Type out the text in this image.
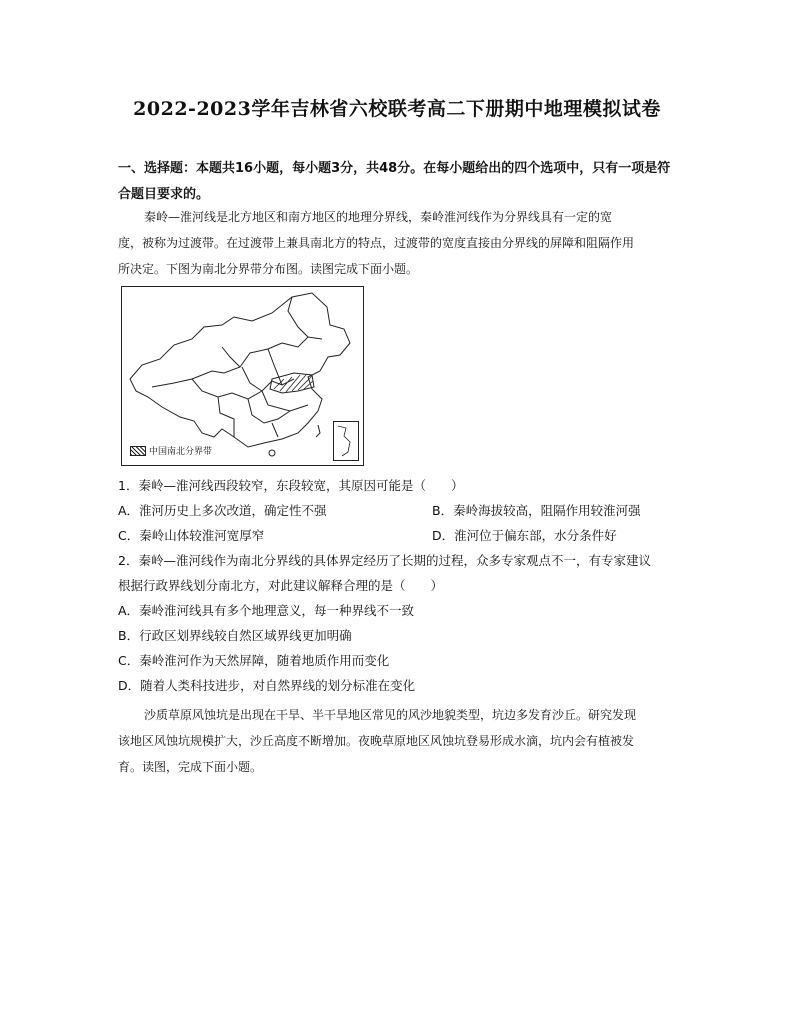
2022-2023学年吉林省六校联考高二下册期中地理模拟试卷
一、选择题：本题共16小题，每小题3分，共48分。在每小题给出的四个选项中，只有一项是符
合题目要求的。
秦岭—淮河线是北方地区和南方地区的地理分界线，秦岭淮河线作为分界线具有一定的宽
度，被称为过渡带。在过渡带上兼具南北方的特点，过渡带的宽度直接由分界线的屏障和阻隔作用
所决定。下图为南北分界带分布图。读图完成下面小题。
中国南北分界带
1．秦岭—淮河线西段较窄，东段较宽，其原因可能是（　　）
A．淮河历史上多次改道，确定性不强	B．秦岭海拔较高，阻隔作用较淮河强
C．秦岭山体较淮河宽厚窄	D．淮河位于偏东部，水分条件好
2．秦岭—淮河线作为南北分界线的具体界定经历了长期的过程，众多专家观点不一，有专家建议
根据行政界线划分南北方，对此建议解释合理的是（　　）
A．秦岭淮河线具有多个地理意义，每一种界线不一致
B．行政区划界线较自然区域界线更加明确
C．秦岭淮河作为天然屏障，随着地质作用而变化
D．随着人类科技进步，对自然界线的划分标准在变化
沙质草原风蚀坑是出现在干旱、半干旱地区常见的风沙地貌类型，坑边多发育沙丘。研究发现
该地区风蚀坑规模扩大，沙丘高度不断增加。夜晚草原地区风蚀坑登易形成水滴，坑内会有植被发
育。读图，完成下面小题。
